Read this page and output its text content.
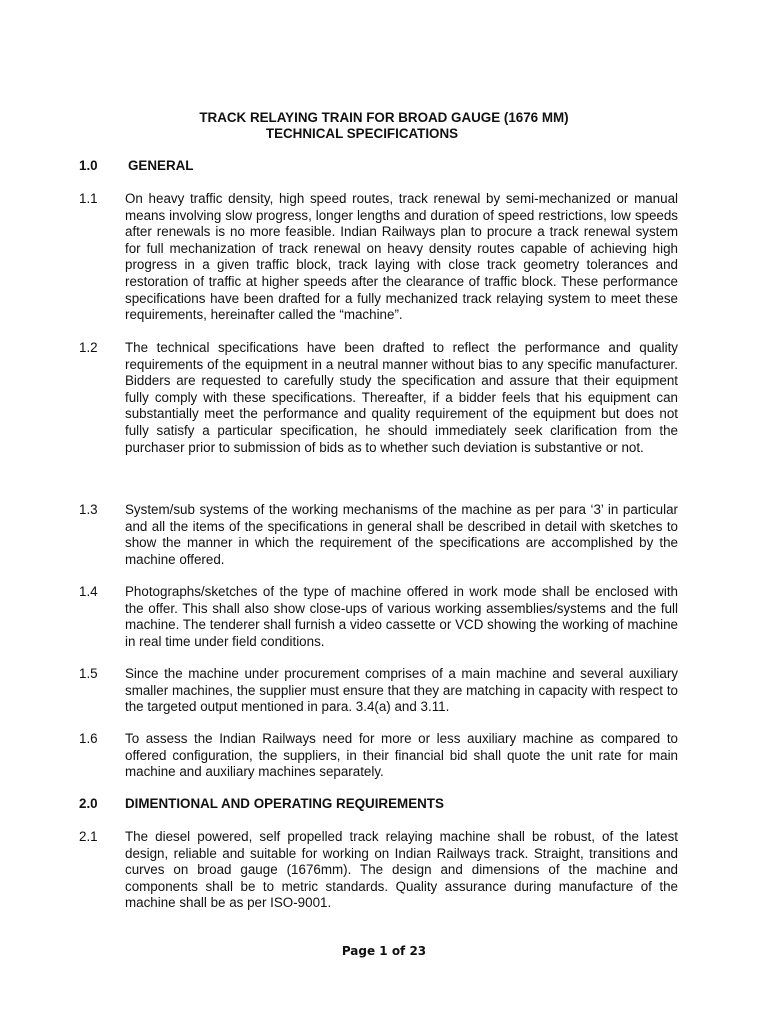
TRACK RELAYING TRAIN FOR BROAD GAUGE (1676 MM)
TECHNICAL SPECIFICATIONS
1.0	GENERAL
1.1	On heavy traffic density, high speed routes, track renewal by semi-mechanized or manual means involving slow progress, longer lengths and duration of speed restrictions, low speeds after renewals is no more feasible. Indian Railways plan to procure a track renewal system for full mechanization of track renewal on heavy density routes capable of achieving high progress in a given traffic block, track laying with close track geometry tolerances and restoration of traffic at higher speeds after the clearance of traffic block. These performance specifications have been drafted for a fully mechanized track relaying system to meet these requirements, hereinafter called the “machine”.

1.2	The technical specifications have been drafted to reflect the performance and quality requirements of the equipment in a neutral manner without bias to any specific manufacturer. Bidders are requested to carefully study the specification and assure that their equipment fully comply with these specifications. Thereafter, if a bidder feels that his equipment can substantially meet the performance and quality requirement of the equipment but does not fully satisfy a particular specification, he should immediately seek clarification from the purchaser prior to submission of bids as to whether such deviation is substantive or not.

1.3	System/sub systems of the working mechanisms of the machine as per para ‘3’ in particular and all the items of the specifications in general shall be described in detail with sketches to show the manner in which the requirement of the specifications are accomplished by the machine offered.

1.4	Photographs/sketches of the type of machine offered in work mode shall be enclosed with the offer. This shall also show close-ups of various working assemblies/systems and the full machine. The tenderer shall furnish a video cassette or VCD showing the working of machine in real time under field conditions.

1.5	Since the machine under procurement comprises of a main machine and several auxiliary smaller machines, the supplier must ensure that they are matching in capacity with respect to the targeted output mentioned in para. 3.4(a) and 3.11.

1.6	To assess the Indian Railways need for more or less auxiliary machine as compared to offered configuration, the suppliers, in their financial bid shall quote the unit rate for main machine and auxiliary machines separately.

2.0	DIMENTIONAL AND OPERATING REQUIREMENTS
2.1	The diesel powered, self propelled track relaying machine shall be robust, of the latest design, reliable and suitable for working on Indian Railways track. Straight, transitions and curves on broad gauge (1676mm). The design and dimensions of the machine and components shall be to metric standards. Quality assurance during manufacture of the machine shall be as per ISO-9001.

Page 1 of 23
